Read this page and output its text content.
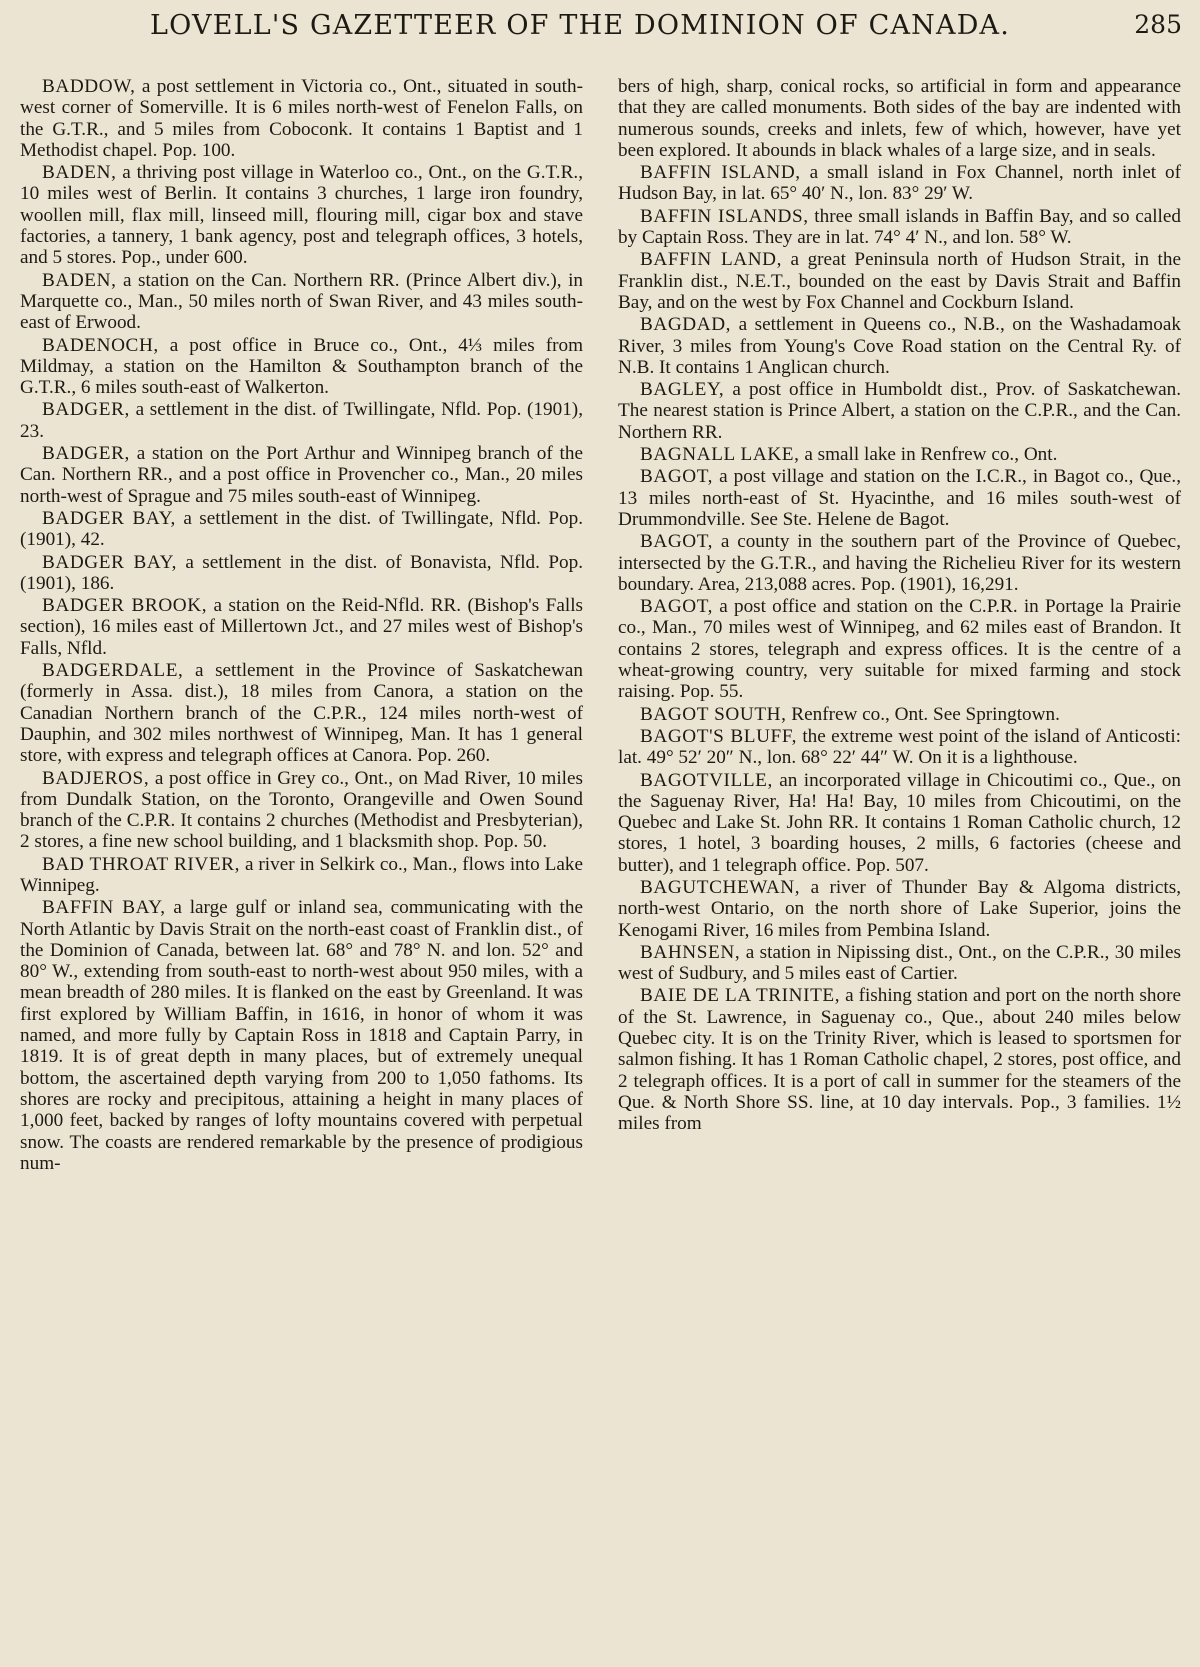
LOVELL'S GAZETTEER OF THE DOMINION OF CANADA.	285

BADDOW, a post settlement in Victoria co., Ont., situated in south-west corner of Somerville. It is 6 miles north-west of Fenelon Falls, on the G.T.R., and 5 miles from Coboconk. It contains 1 Baptist and 1 Methodist chapel. Pop. 100.

BADEN, a thriving post village in Waterloo co., Ont., on the G.T.R., 10 miles west of Berlin. It contains 3 churches, 1 large iron foundry, woollen mill, flax mill, linseed mill, flouring mill, cigar box and stave factories, a tannery, 1 bank agency, post and telegraph offices, 3 hotels, and 5 stores. Pop., under 600.

BADEN, a station on the Can. Northern RR. (Prince Albert div.), in Marquette co., Man., 50 miles north of Swan River, and 43 miles south-east of Erwood.

BADENOCH, a post office in Bruce co., Ont., 4⅓ miles from Mildmay, a station on the Hamilton & Southampton branch of the G.T.R., 6 miles south-east of Walkerton.

BADGER, a settlement in the dist. of Twillingate, Nfld. Pop. (1901), 23.

BADGER, a station on the Port Arthur and Winnipeg branch of the Can. Northern RR., and a post office in Provencher co., Man., 20 miles north-west of Sprague and 75 miles south-east of Winnipeg.

BADGER BAY, a settlement in the dist. of Twillingate, Nfld. Pop. (1901), 42.

BADGER BAY, a settlement in the dist. of Bonavista, Nfld. Pop. (1901), 186.

BADGER BROOK, a station on the Reid-Nfld. RR. (Bishop's Falls section), 16 miles east of Millertown Jct., and 27 miles west of Bishop's Falls, Nfld.

BADGERDALE, a settlement in the Province of Saskatchewan (formerly in Assa. dist.), 18 miles from Canora, a station on the Canadian Northern branch of the C.P.R., 124 miles north-west of Dauphin, and 302 miles northwest of Winnipeg, Man. It has 1 general store, with express and telegraph offices at Canora. Pop. 260.

BADJEROS, a post office in Grey co., Ont., on Mad River, 10 miles from Dundalk Station, on the Toronto, Orangeville and Owen Sound branch of the C.P.R. It contains 2 churches (Methodist and Presbyterian), 2 stores, a fine new school building, and 1 blacksmith shop. Pop. 50.

BAD THROAT RIVER, a river in Selkirk co., Man., flows into Lake Winnipeg.

BAFFIN BAY, a large gulf or inland sea, communicating with the North Atlantic by Davis Strait on the north-east coast of Franklin dist., of the Dominion of Canada, between lat. 68° and 78° N. and lon. 52° and 80° W., extending from south-east to north-west about 950 miles, with a mean breadth of 280 miles. It is flanked on the east by Greenland. It was first explored by William Baffin, in 1616, in honor of whom it was named, and more fully by Captain Ross in 1818 and Captain Parry, in 1819. It is of great depth in many places, but of extremely unequal bottom, the ascertained depth varying from 200 to 1,050 fathoms. Its shores are rocky and precipitous, attaining a height in many places of 1,000 feet, backed by ranges of lofty mountains covered with perpetual snow. The coasts are rendered remarkable by the presence of prodigious num-

bers of high, sharp, conical rocks, so artificial in form and appearance that they are called monuments. Both sides of the bay are indented with numerous sounds, creeks and inlets, few of which, however, have yet been explored. It abounds in black whales of a large size, and in seals.

BAFFIN ISLAND, a small island in Fox Channel, north inlet of Hudson Bay, in lat. 65° 40′ N., lon. 83° 29′ W.

BAFFIN ISLANDS, three small islands in Baffin Bay, and so called by Captain Ross. They are in lat. 74° 4′ N., and lon. 58° W.

BAFFIN LAND, a great Peninsula north of Hudson Strait, in the Franklin dist., N.E.T., bounded on the east by Davis Strait and Baffin Bay, and on the west by Fox Channel and Cockburn Island.

BAGDAD, a settlement in Queens co., N.B., on the Washadamoak River, 3 miles from Young's Cove Road station on the Central Ry. of N.B. It contains 1 Anglican church.

BAGLEY, a post office in Humboldt dist., Prov. of Saskatchewan. The nearest station is Prince Albert, a station on the C.P.R., and the Can. Northern RR.

BAGNALL LAKE, a small lake in Renfrew co., Ont.

BAGOT, a post village and station on the I.C.R., in Bagot co., Que., 13 miles north-east of St. Hyacinthe, and 16 miles south-west of Drummondville. See Ste. Helene de Bagot.

BAGOT, a county in the southern part of the Province of Quebec, intersected by the G.T.R., and having the Richelieu River for its western boundary. Area, 213,088 acres. Pop. (1901), 16,291.

BAGOT, a post office and station on the C.P.R. in Portage la Prairie co., Man., 70 miles west of Winnipeg, and 62 miles east of Brandon. It contains 2 stores, telegraph and express offices. It is the centre of a wheat-growing country, very suitable for mixed farming and stock raising. Pop. 55.

BAGOT SOUTH, Renfrew co., Ont. See Springtown.

BAGOT'S BLUFF, the extreme west point of the island of Anticosti: lat. 49° 52′ 20″ N., lon. 68° 22′ 44″ W. On it is a lighthouse.

BAGOTVILLE, an incorporated village in Chicoutimi co., Que., on the Saguenay River, Ha! Ha! Bay, 10 miles from Chicoutimi, on the Quebec and Lake St. John RR. It contains 1 Roman Catholic church, 12 stores, 1 hotel, 3 boarding houses, 2 mills, 6 factories (cheese and butter), and 1 telegraph office. Pop. 507.

BAGUTCHEWAN, a river of Thunder Bay & Algoma districts, north-west Ontario, on the north shore of Lake Superior, joins the Kenogami River, 16 miles from Pembina Island.

BAHNSEN, a station in Nipissing dist., Ont., on the C.P.R., 30 miles west of Sudbury, and 5 miles east of Cartier.

BAIE DE LA TRINITE, a fishing station and port on the north shore of the St. Lawrence, in Saguenay co., Que., about 240 miles below Quebec city. It is on the Trinity River, which is leased to sportsmen for salmon fishing. It has 1 Roman Catholic chapel, 2 stores, post office, and 2 telegraph offices. It is a port of call in summer for the steamers of the Que. & North Shore SS. line, at 10 day intervals. Pop., 3 families. 1½ miles from
